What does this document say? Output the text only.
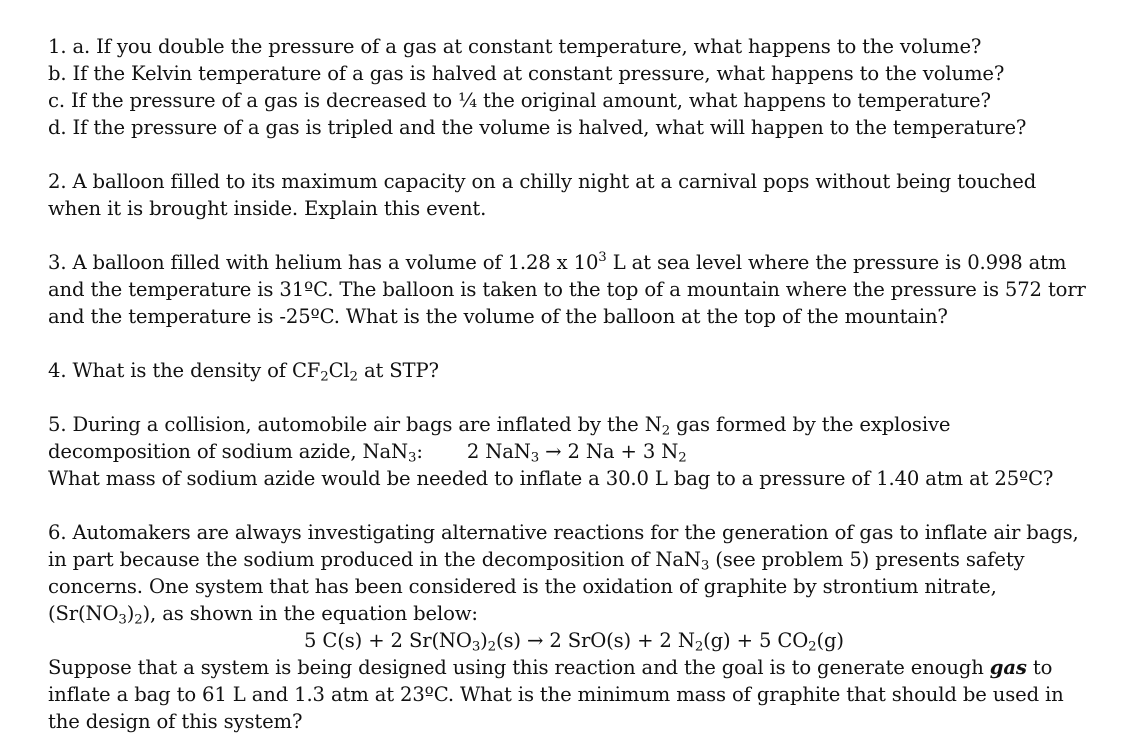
1. a. If you double the pressure of a gas at constant temperature, what happens to the volume?
b. If the Kelvin temperature of a gas is halved at constant pressure, what happens to the volume?
c. If the pressure of a gas is decreased to ¼ the original amount, what happens to temperature?
d. If the pressure of a gas is tripled and the volume is halved, what will happen to the temperature?
2. A balloon filled to its maximum capacity on a chilly night at a carnival pops without being touched
when it is brought inside. Explain this event.
3. A balloon filled with helium has a volume of 1.28 x $10^3$ L at sea level where the pressure is 0.998 atm
and the temperature is 31ºC. The balloon is taken to the top of a mountain where the pressure is 572 torr
and the temperature is -25ºC. What is the volume of the balloon at the top of the mountain?
4. What is the density of $CF_2Cl_2$ at STP?
5. During a collision, automobile air bags are inflated by the $N_2$ gas formed by the explosive
decomposition of sodium azide, NaN$_3$: 2 NaN$_3$ → 2 Na + 3 $N_2$
What mass of sodium azide would be needed to inflate a 30.0 L bag to a pressure of 1.40 atm at 25ºC?
6. Automakers are always investigating alternative reactions for the generation of gas to inflate air bags,
in part because the sodium produced in the decomposition of NaN$_3$ (see problem 5) presents safety
concerns. One system that has been considered is the oxidation of graphite by strontium nitrate,
$(Sr(NO_3)_2)$, as shown in the equation below:
5 C(s) + 2 $Sr(NO_3)_2(s) \to 2$ SrO(s) + 2 $N_2(g) + 5$ $CO_2(g)$
Suppose that a system is being designed using this reaction and the goal is to generate enough gas to
inflate a bag to 61 L and 1.3 atm at 23ºC. What is the minimum mass of graphite that should be used in
the design of this system?
